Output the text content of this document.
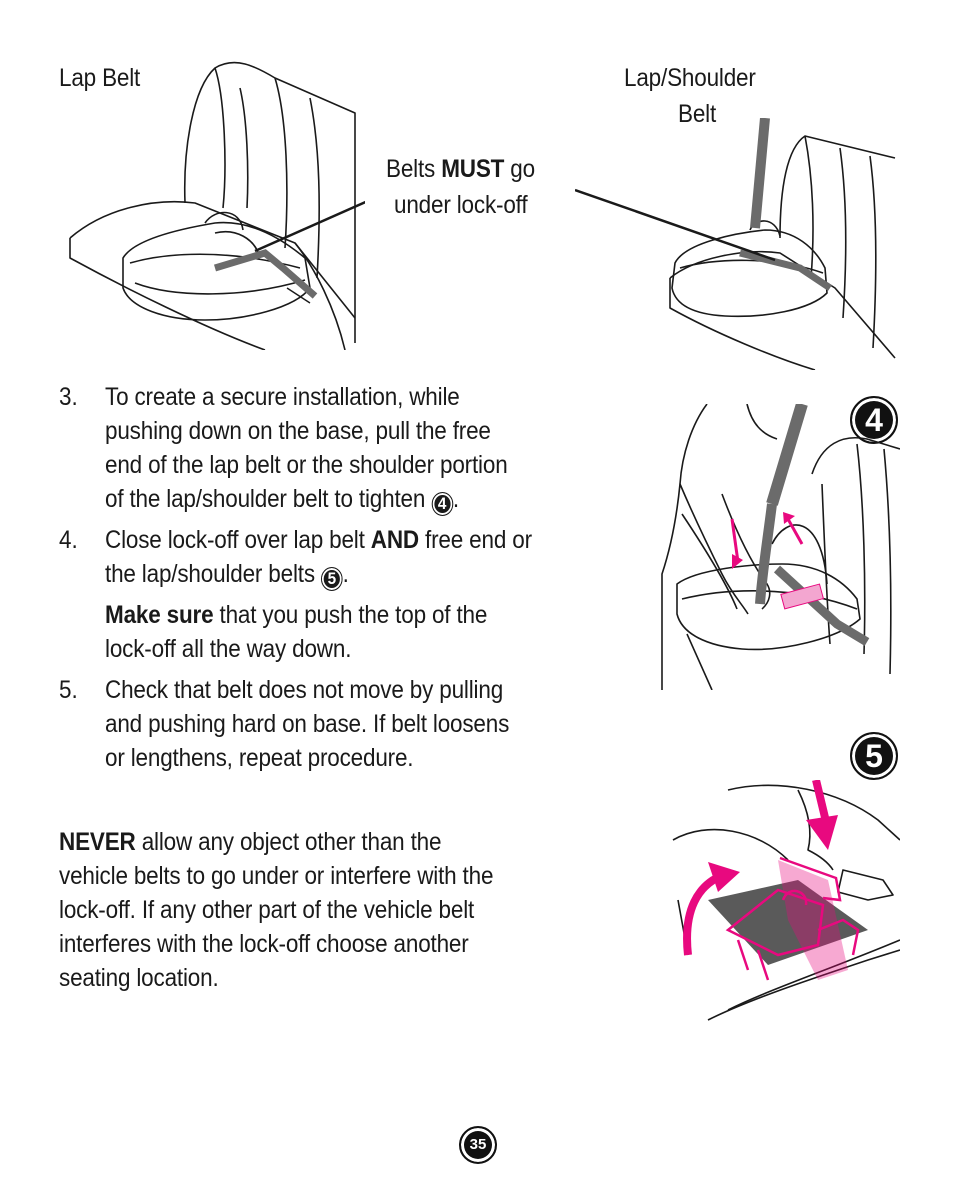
Lap Belt	Lap/Shoulder
Belt
Belts MUST go
under lock-off
3. To create a secure installation, while
pushing down on the base, pull the free
end of the lap belt or the shoulder portion
of the lap/shoulder belt to tighten 4 .
4. Close lock-off over lap belt AND free end or
the lap/shoulder belts 5 .
Make sure that you push the top of the
lock-off all the way down.
5. Check that belt does not move by pulling
and pushing hard on base. If belt loosens
or lengthens, repeat procedure.
NEVER allow any object other than the
vehicle belts to go under or interfere with the
lock-off. If any other part of the vehicle belt
interferes with the lock-off choose another
seating location.
4
5
35
